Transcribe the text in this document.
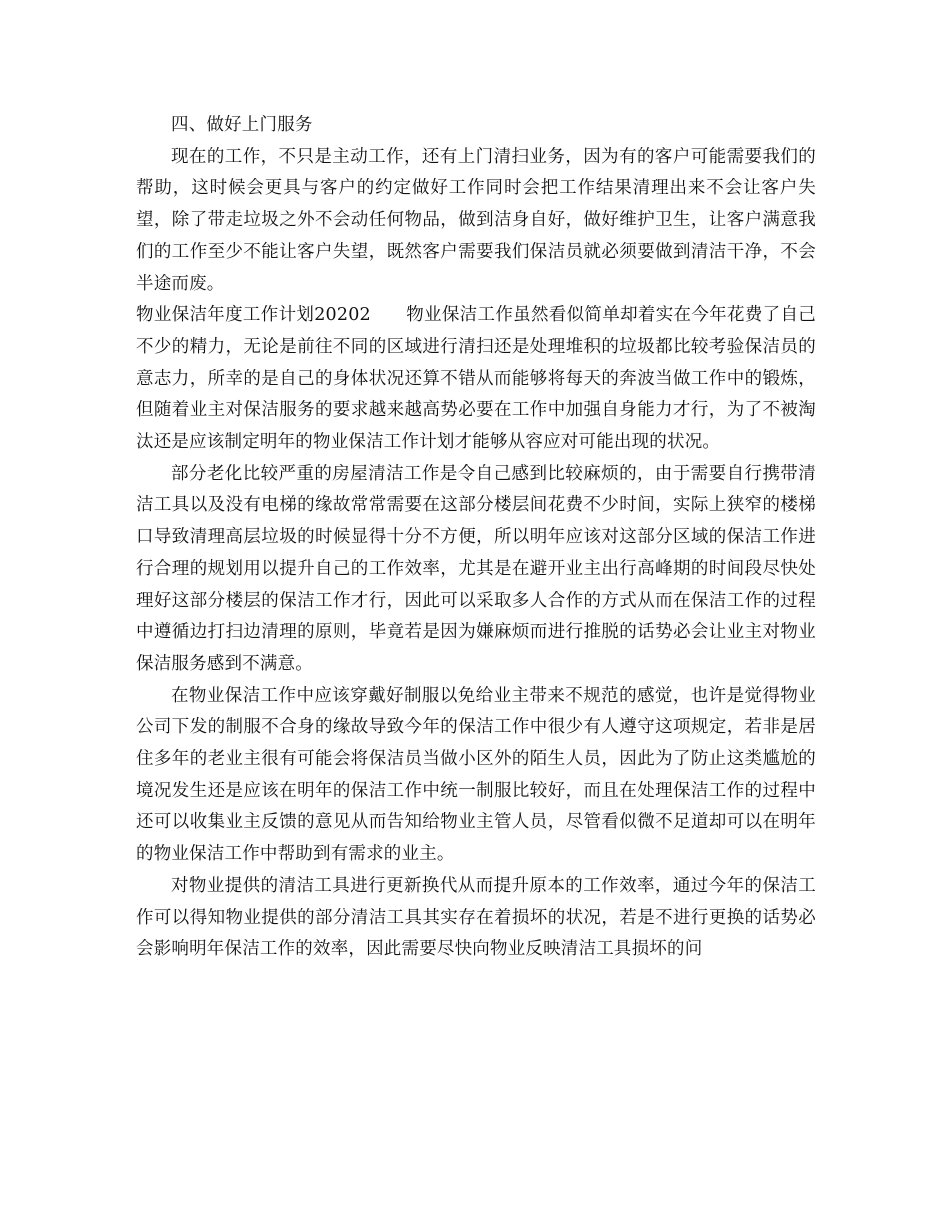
四、做好上门服务

现在的工作，不只是主动工作，还有上门清扫业务，因为有的客户可能需要我们的帮助，这时候会更具与客户的约定做好工作同时会把工作结果清理出来不会让客户失望，除了带走垃圾之外不会动任何物品，做到洁身自好，做好维护卫生，让客户满意我们的工作至少不能让客户失望，既然客户需要我们保洁员就必须要做到清洁干净，不会半途而废。

物业保洁年度工作计划20202 物业保洁工作虽然看似简单却着实在今年花费了自己不少的精力，无论是前往不同的区域进行清扫还是处理堆积的垃圾都比较考验保洁员的意志力，所幸的是自己的身体状况还算不错从而能够将每天的奔波当做工作中的锻炼，但随着业主对保洁服务的要求越来越高势必要在工作中加强自身能力才行，为了不被淘汰还是应该制定明年的物业保洁工作计划才能够从容应对可能出现的状况。

部分老化比较严重的房屋清洁工作是令自己感到比较麻烦的，由于需要自行携带清洁工具以及没有电梯的缘故常常需要在这部分楼层间花费不少时间，实际上狭窄的楼梯口导致清理高层垃圾的时候显得十分不方便，所以明年应该对这部分区域的保洁工作进行合理的规划用以提升自己的工作效率，尤其是在避开业主出行高峰期的时间段尽快处理好这部分楼层的保洁工作才行，因此可以采取多人合作的方式从而在保洁工作的过程中遵循边打扫边清理的原则，毕竟若是因为嫌麻烦而进行推脱的话势必会让业主对物业保洁服务感到不满意。

在物业保洁工作中应该穿戴好制服以免给业主带来不规范的感觉，也许是觉得物业公司下发的制服不合身的缘故导致今年的保洁工作中很少有人遵守这项规定，若非是居住多年的老业主很有可能会将保洁员当做小区外的陌生人员，因此为了防止这类尴尬的境况发生还是应该在明年的保洁工作中统一制服比较好，而且在处理保洁工作的过程中还可以收集业主反馈的意见从而告知给物业主管人员，尽管看似微不足道却可以在明年的物业保洁工作中帮助到有需求的业主。

对物业提供的清洁工具进行更新换代从而提升原本的工作效率，通过今年的保洁工作可以得知物业提供的部分清洁工具其实存在着损坏的状况，若是不进行更换的话势必会影响明年保洁工作的效率，因此需要尽快向物业反映清洁工具损坏的问
